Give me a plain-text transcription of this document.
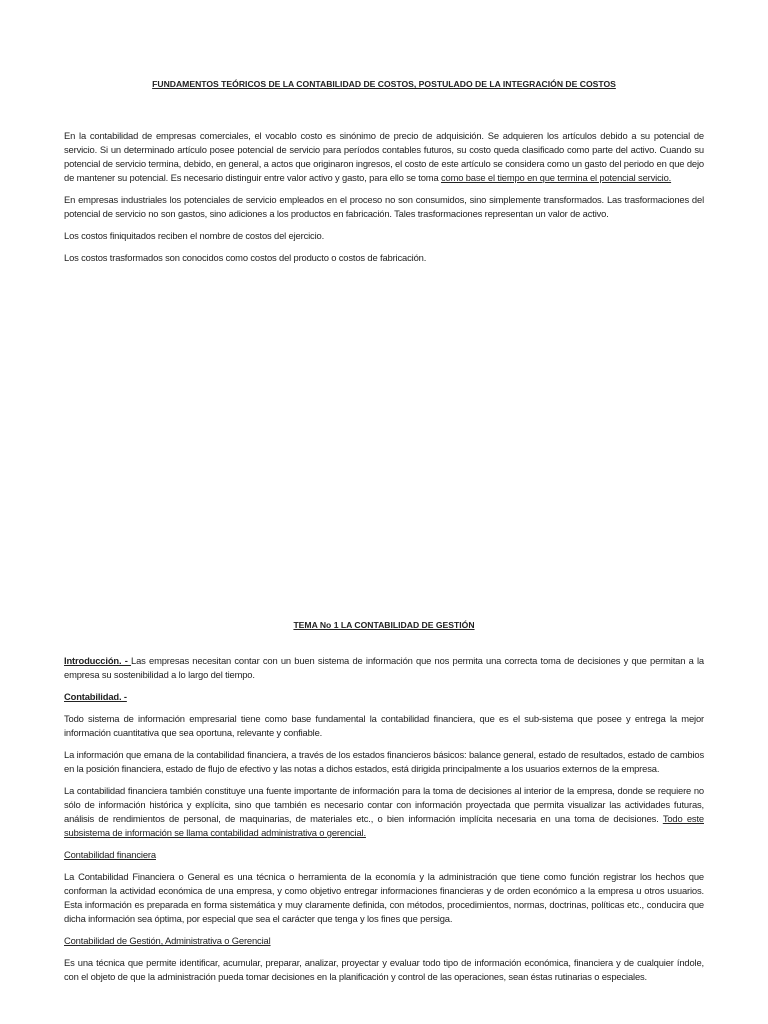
FUNDAMENTOS TEÓRICOS DE LA CONTABILIDAD DE COSTOS, POSTULADO DE LA INTEGRACIÓN DE COSTOS

En la contabilidad de empresas comerciales, el vocablo costo es sinónimo de precio de adquisición. Se adquieren los artículos debido a su potencial de servicio. Si un determinado artículo posee potencial de servicio para períodos contables futuros, su costo queda clasificado como parte del activo. Cuando su potencial de servicio termina, debido, en general, a actos que originaron ingresos, el costo de este artículo se considera como un gasto del periodo en que dejo de mantener su potencial. Es necesario distinguir entre valor activo y gasto, para ello se toma como base el tiempo en que termina el potencial servicio.

En empresas industriales los potenciales de servicio empleados en el proceso no son consumidos, sino simplemente transformados. Las trasformaciones del potencial de servicio no son gastos, sino adiciones a los productos en fabricación. Tales trasformaciones representan un valor de activo.

Los costos finiquitados reciben el nombre de costos del ejercicio.

Los costos trasformados son conocidos como costos del producto o costos de fabricación.

TEMA No 1 LA CONTABILIDAD DE GESTIÓN

Introducción. - Las empresas necesitan contar con un buen sistema de información que nos permita una correcta toma de decisiones y que permitan a la empresa su sostenibilidad a lo largo del tiempo.

Contabilidad. -

Todo sistema de información empresarial tiene como base fundamental la contabilidad financiera, que es el sub-sistema que posee y entrega la mejor información cuantitativa que sea oportuna, relevante y confiable.

La información que emana de la contabilidad financiera, a través de los estados financieros básicos: balance general, estado de resultados, estado de cambios en la posición financiera, estado de flujo de efectivo y las notas a dichos estados, está dirigida principalmente a los usuarios externos de la empresa.

La contabilidad financiera también constituye una fuente importante de información para la toma de decisiones al interior de la empresa, donde se requiere no sólo de información histórica y explícita, sino que también es necesario contar con información proyectada que permita visualizar las actividades futuras, análisis de rendimientos de personal, de maquinarias, de materiales etc., o bien información implícita necesaria en una toma de decisiones. Todo este subsistema de información se llama contabilidad administrativa o gerencial.

Contabilidad financiera

La Contabilidad Financiera o General es una técnica o herramienta de la economía y la administración que tiene como función registrar los hechos que conforman la actividad económica de una empresa, y como objetivo entregar informaciones financieras y de orden económico a la empresa u otros usuarios. Esta información es preparada en forma sistemática y muy claramente definida, con métodos, procedimientos, normas, doctrinas, políticas etc., conducira que dicha información sea óptima, por especial que sea el carácter que tenga y los fines que persiga.

Contabilidad de Gestión, Administrativa o Gerencial

Es una técnica que permite identificar, acumular, preparar, analizar, proyectar y evaluar todo tipo de información económica, financiera y de cualquier índole, con el objeto de que la administración pueda tomar decisiones en la planificación y control de las operaciones, sean éstas rutinarias o especiales.
